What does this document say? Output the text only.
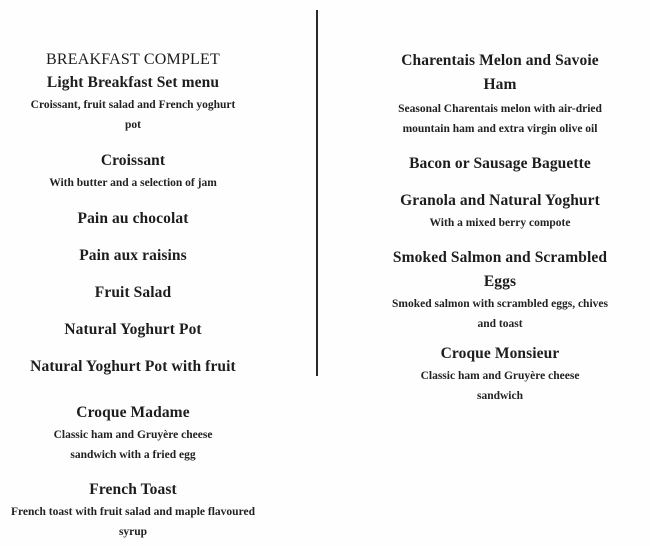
BREAKFAST COMPLET
Light Breakfast Set menu
Croissant, fruit salad and French yoghurt pot
Croissant
With butter and a selection of jam
Pain au chocolat
Pain aux raisins
Fruit Salad
Natural Yoghurt Pot
Natural Yoghurt Pot with fruit
Croque Madame
Classic ham and Gruyère cheese sandwich with a fried egg
French Toast
French toast with fruit salad and maple flavoured syrup
Charentais Melon and Savoie Ham
Seasonal Charentais melon with air-dried mountain ham and extra virgin olive oil
Bacon or Sausage Baguette
Granola and Natural Yoghurt
With a mixed berry compote
Smoked Salmon and Scrambled Eggs
Smoked salmon with scrambled eggs, chives and toast
Croque Monsieur
Classic ham and Gruyère cheese sandwich
